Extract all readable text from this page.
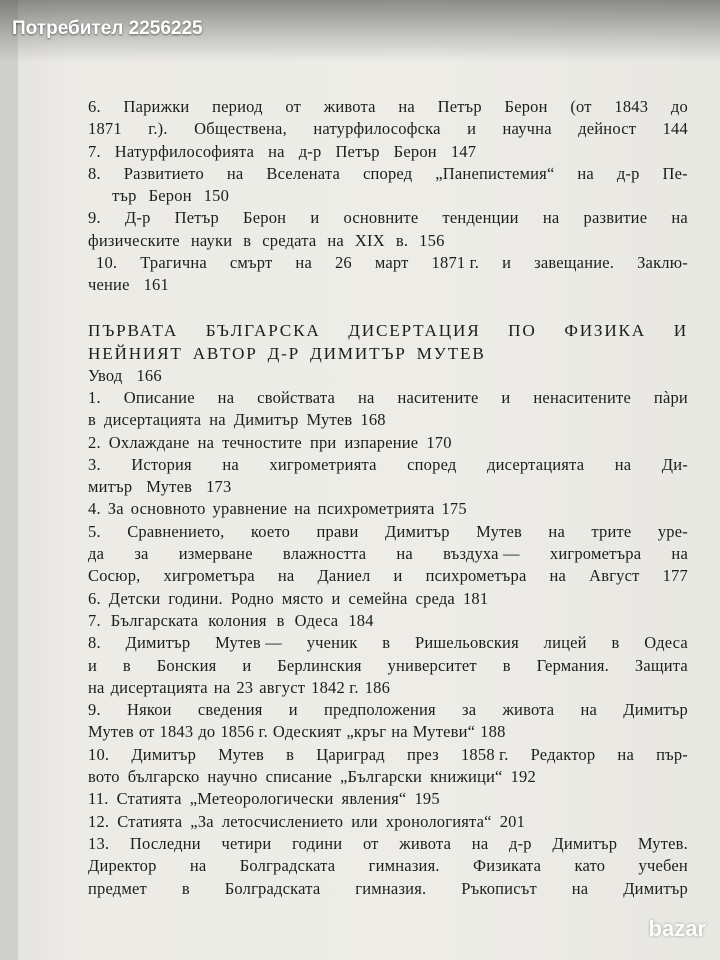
Потребител 2256225
6. Парижки период от живота на Петър Берон (от 1843 до
1871 г.). Обществена, натурфилософска и научна дейност 144
7. Натурфилософията на д-р Петър Берон 147
8. Развитието на Вселената според „Панепистемия“ на д-р Пе-
тър Берон 150
9. Д-р Петър Берон и основните тенденции на развитие на
физическите науки в средата на XIX в. 156
10. Трагична смърт на 26 март 1871 г. и завещание. Заклю-
чение 161
ПЪРВАТА БЪЛГАРСКА ДИСЕРТАЦИЯ ПО ФИЗИКА И
НЕЙНИЯТ АВТОР Д-Р ДИМИТЪР МУТЕВ
Увод 166
1. Описание на свойствата на наситените и ненаситените пàри
в дисертацията на Димитър Мутев 168
2. Охлаждане на течностите при изпарение 170
3. История на хигрометрията според дисертацията на Ди-
митър Мутев 173
4. За основното уравнение на психрометрията 175
5. Сравнението, което прави Димитър Мутев на трите уре-
да за измерване влажността на въздуха — хигрометъра на
Соcюр, хигрометъра на Даниел и психрометъра на Август 177
6. Детски години. Родно място и семейна среда 181
7. Българската колония в Одеса 184
8. Димитър Мутев — ученик в Ришельовския лицей в Одеса
и в Бонския и Берлинския университет в Германия. Защита
на дисертацията на 23 август 1842 г. 186
9. Някои сведения и предположения за живота на Димитър
Мутев от 1843 до 1856 г. Одеският „кръг на Мутеви“ 188
10. Димитър Мутев в Цариград през 1858 г. Редактор на пър-
вото българско научно списание „Български книжици“ 192
11. Статията „Метеорологически явления“ 195
12. Статията „За летосчислението или хронологията“ 201
13. Последни четири години от живота на д-р Димитър Мутев.
Директор на Болградската гимназия. Физиката като учебен
предмет в Болградската гимназия. Ръкописът на Димитър
bazar
